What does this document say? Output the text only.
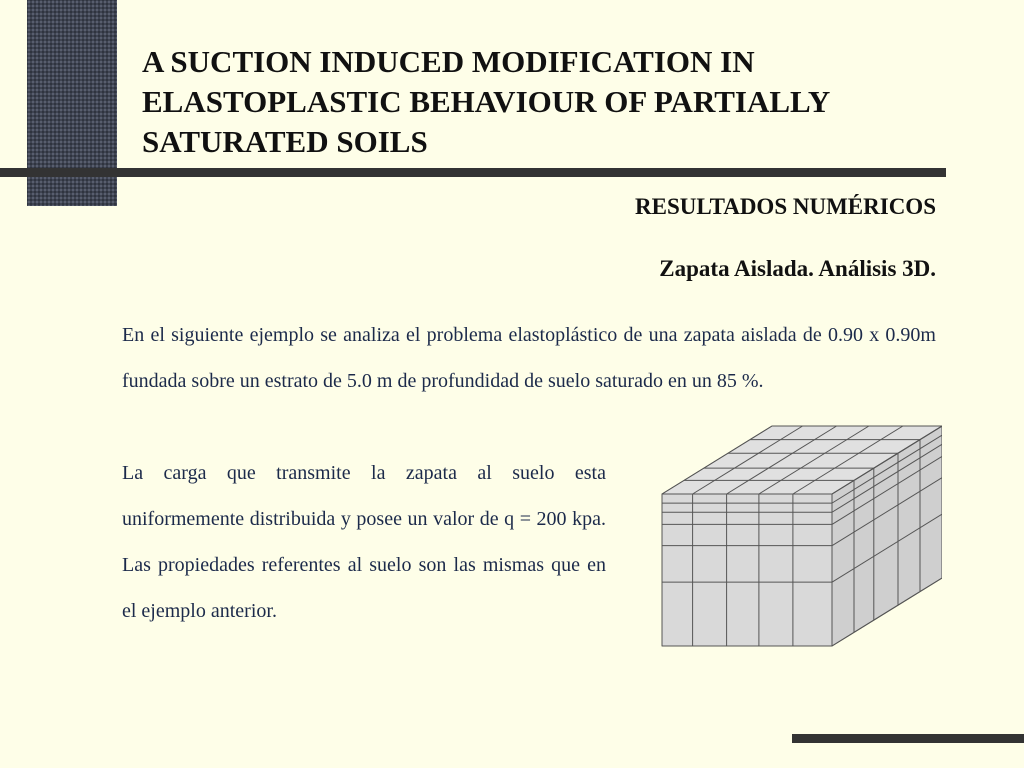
A SUCTION INDUCED MODIFICATION IN ELASTOPLASTIC BEHAVIOUR OF PARTIALLY SATURATED SOILS
RESULTADOS NUMÉRICOS
Zapata Aislada. Análisis 3D.

En el siguiente ejemplo se analiza el problema elastoplástico de una zapata aislada de 0.90 x 0.90m fundada sobre un estrato de 5.0 m de profundidad de suelo saturado en un 85 %.

La carga que transmite la zapata al suelo esta uniformemente distribuida y posee un valor de q = 200 kpa. Las propiedades referentes al suelo son las mismas que en el ejemplo anterior.
